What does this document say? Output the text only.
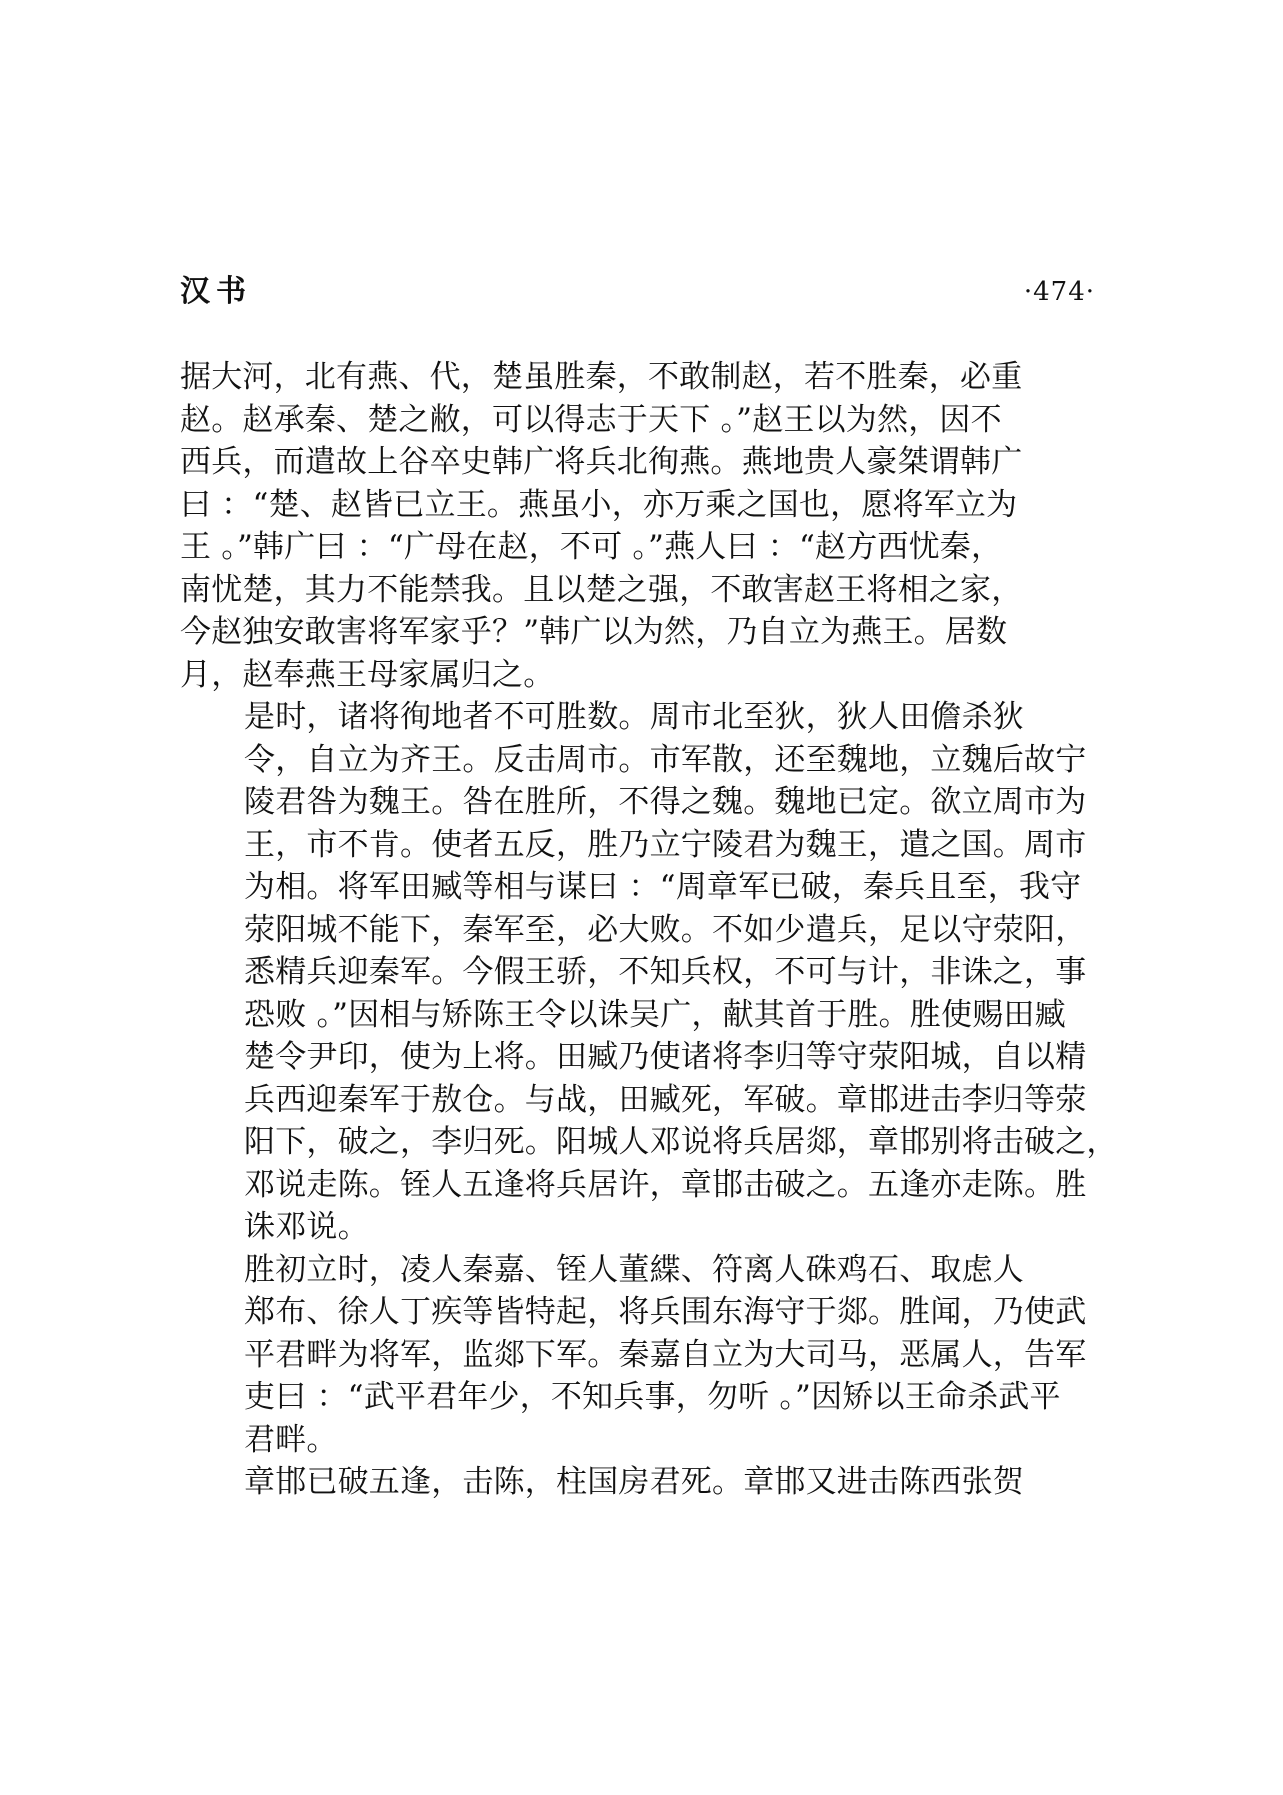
汉书	·474·

据大河，北有燕、代，楚虽胜秦，不敢制赵，若不胜秦，必重
赵。赵承秦、楚之敝，可以得志于天下 。”赵王以为然，因不
西兵，而遣故上谷卒史韩广将兵北徇燕。燕地贵人豪桀谓韩广
曰 ：“楚、赵皆已立王。燕虽小，亦万乘之国也，愿将军立为
王 。”韩广曰 ：“广母在赵，不可 。”燕人曰 ：“赵方西忧秦，
南忧楚，其力不能禁我。且以楚之强，不敢害赵王将相之家，
今赵独安敢害将军家乎？”韩广以为然，乃自立为燕王。居数
月，赵奉燕王母家属归之。

是时，诸将徇地者不可胜数。周市北至狄，狄人田儋杀狄
令，自立为齐王。反击周市。市军散，还至魏地，立魏后故宁
陵君咎为魏王。咎在胜所，不得之魏。魏地已定。欲立周市为
王，市不肯。使者五反，胜乃立宁陵君为魏王，遣之国。周市
为相。将军田臧等相与谋曰 ：“周章军已破，秦兵且至，我守
荥阳城不能下，秦军至，必大败。不如少遣兵，足以守荥阳，
悉精兵迎秦军。今假王骄，不知兵权，不可与计，非诛之，事
恐败 。”因相与矫陈王令以诛吴广，献其首于胜。胜使赐田臧
楚令尹印，使为上将。田臧乃使诸将李归等守荥阳城，自以精
兵西迎秦军于敖仓。与战，田臧死，军破。章邯进击李归等荥
阳下，破之，李归死。阳城人邓说将兵居郯，章邯别将击破之，
邓说走陈。铚人五逢将兵居许，章邯击破之。五逢亦走陈。胜
诛邓说。

胜初立时，凌人秦嘉、铚人董緤、符离人硃鸡石、取虑人
郑布、徐人丁疾等皆特起，将兵围东海守于郯。胜闻，乃使武
平君畔为将军，监郯下军。秦嘉自立为大司马，恶属人，告军
吏曰 ：“武平君年少，不知兵事，勿听 。”因矫以王命杀武平
君畔。

章邯已破五逢，击陈，柱国房君死。章邯又进击陈西张贺
